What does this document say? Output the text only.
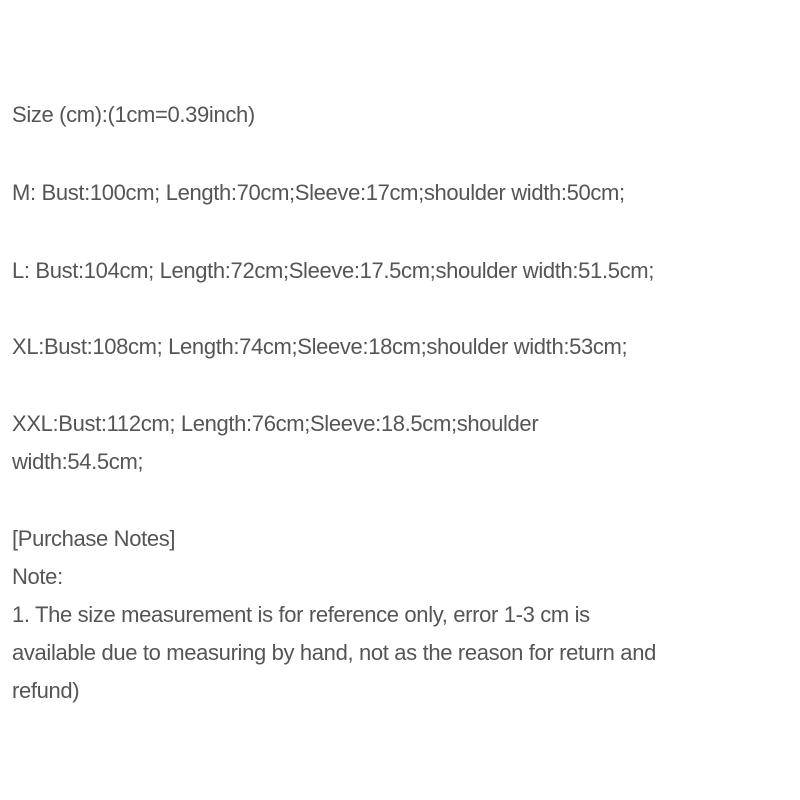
Size (cm):(1cm=0.39inch)
M: Bust:100cm; Length:70cm;Sleeve:17cm;shoulder width:50cm;
L: Bust:104cm; Length:72cm;Sleeve:17.5cm;shoulder width:51.5cm;
XL:Bust:108cm; Length:74cm;Sleeve:18cm;shoulder width:53cm;
XXL:Bust:112cm; Length:76cm;Sleeve:18.5cm;shoulder
width:54.5cm;
[Purchase Notes]
Note:
1. The size measurement is for reference only, error 1-3 cm is
available due to measuring by hand, not as the reason for return and
refund)
